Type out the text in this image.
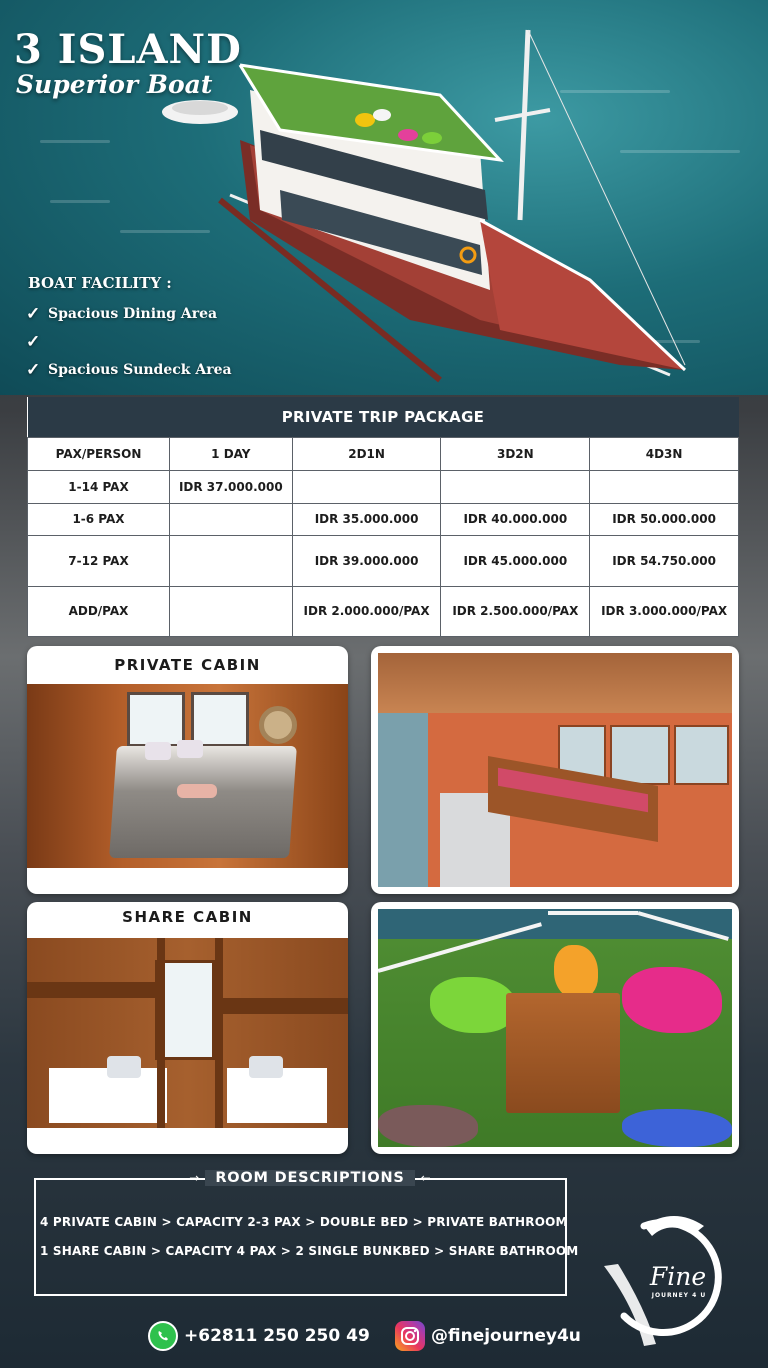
3 ISLAND
Superior Boat
BOAT FACILITY :
✓ Spacious Dining Area
✓
✓ Spacious Sundeck Area
PRIVATE TRIP PACKAGE				
PAX/PERSON	1 DAY	2D1N	3D2N	4D3N
1-14 PAX	IDR 37.000.000			
1-6 PAX		IDR 35.000.000	IDR 40.000.000	IDR 50.000.000
7-12 PAX		IDR 39.000.000	IDR 45.000.000	IDR 54.750.000
ADD/PAX		IDR 2.000.000/PAX	IDR 2.500.000/PAX	IDR 3.000.000/PAX
PRIVATE CABIN
SHARE CABIN
→	ROOM DESCRIPTIONS	←
4 PRIVATE CABIN > CAPACITY 2-3 PAX > DOUBLE BED > PRIVATE BATHROOM
1 SHARE CABIN > CAPACITY 4 PAX > 2 SINGLE BUNKBED > SHARE BATHROOM
Fine
JOURNEY 4 U
+62811 250 250 49	@finejourney4u
